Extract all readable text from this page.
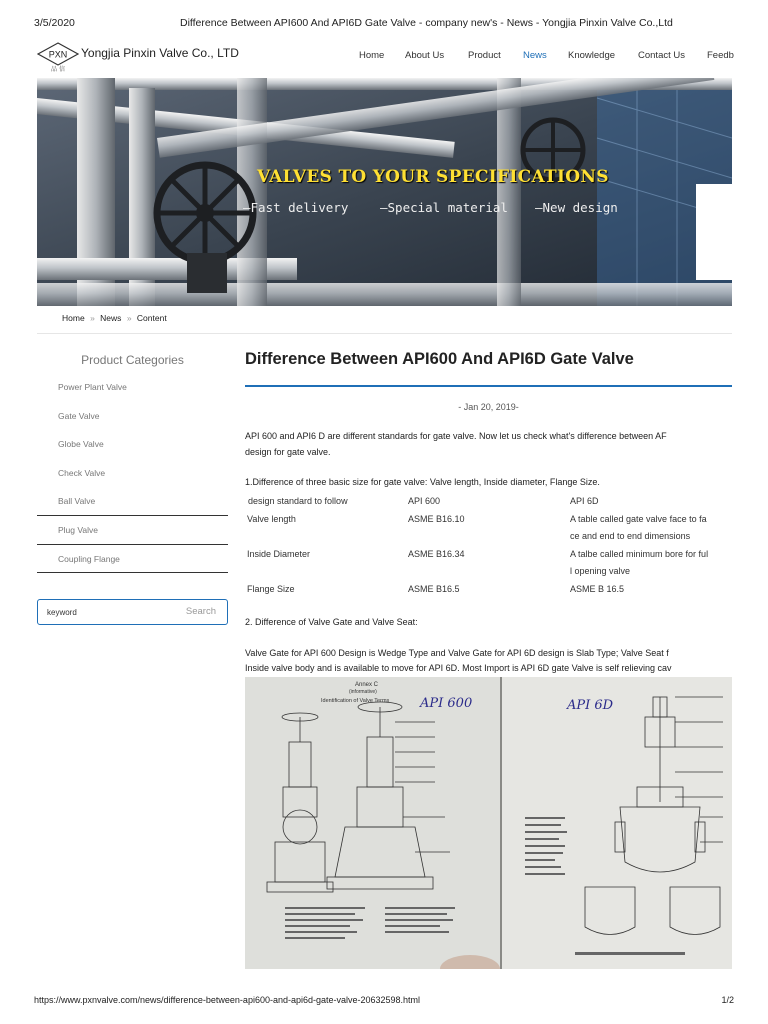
3/5/2020	Difference Between API600 And API6D Gate Valve - company new's - News - Yongjia Pinxin Valve Co.,Ltd
PXN
品 信
Yongjia Pinxin Valve Co., LTD	Home About Us	Product News Knowledge Contact Us Feedb
VALVES TO YOUR SPECIFICATIONS
—Fast delivery	—Special material —New design
Home » News » Content
Product Categories
Power Plant Valve
Gate Valve
Globe Valve
Check Valve
Ball Valve
Plug Valve
Coupling Flange
keyword
Search
Difference Between API600 And API6D Gate Valve
- Jan 20, 2019-
API 600 and API6 D are different standards for gate valve. Now let us check what's difference between AF
design for gate valve.
1.Difference of three basic size for gate valve: Valve length, Inside diameter, Flange Size.
design standard to follow	API 600	API 6D
Valve length	ASME B16.10	A table called gate valve face to fa
ce and end to end dimensions
Inside Diameter	ASME B16.34	A talbe called minimum bore for ful
l opening valve
Flange Size	ASME B16.5	ASME B 16.5
2. Difference of Valve Gate and Valve Seat:
Valve Gate for API 600 Design is Wedge Type and Valve Gate for API 6D design is Slab Type; Valve Seat f
Inside valve body and is available to move for API 6D. Most Import is API 6D gate Valve is self relieving cav
Annex C
(informative)
Identification of Valve Terms API 600	API 6D
https://www.pxnvalve.com/news/difference-between-api600-and-api6d-gate-valve-20632598.html	1/2
